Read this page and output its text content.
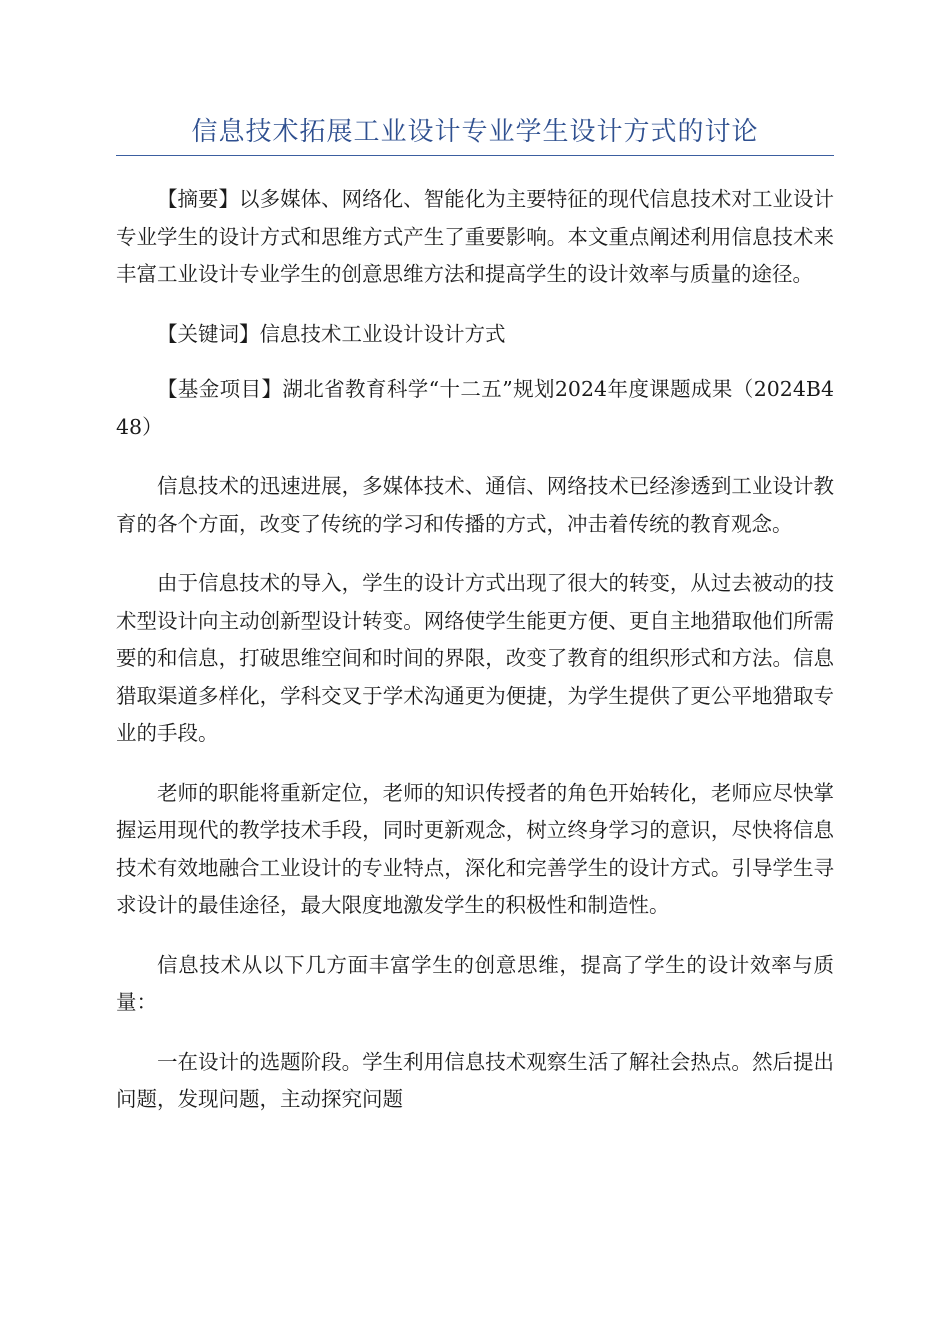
信息技术拓展工业设计专业学生设计方式的讨论

【摘要】以多媒体、网络化、智能化为主要特征的现代信息技术对工业设计专业学生的设计方式和思维方式产生了重要影响。本文重点阐述利用信息技术来丰富工业设计专业学生的创意思维方法和提高学生的设计效率与质量的途径。

【关键词】信息技术工业设计设计方式

【基金项目】湖北省教育科学“十二五”规划2024年度课题成果（2024B448）

信息技术的迅速进展，多媒体技术、通信、网络技术已经渗透到工业设计教育的各个方面，改变了传统的学习和传播的方式，冲击着传统的教育观念。

由于信息技术的导入，学生的设计方式出现了很大的转变，从过去被动的技术型设计向主动创新型设计转变。网络使学生能更方便、更自主地猎取他们所需要的和信息，打破思维空间和时间的界限，改变了教育的组织形式和方法。信息猎取渠道多样化，学科交叉于学术沟通更为便捷，为学生提供了更公平地猎取专业的手段。

老师的职能将重新定位，老师的知识传授者的角色开始转化，老师应尽快掌握运用现代的教学技术手段，同时更新观念，树立终身学习的意识，尽快将信息技术有效地融合工业设计的专业特点，深化和完善学生的设计方式。引导学生寻求设计的最佳途径，最大限度地激发学生的积极性和制造性。

信息技术从以下几方面丰富学生的创意思维，提高了学生的设计效率与质量：

一在设计的选题阶段。学生利用信息技术观察生活了解社会热点。然后提出问题，发现问题，主动探究问题
